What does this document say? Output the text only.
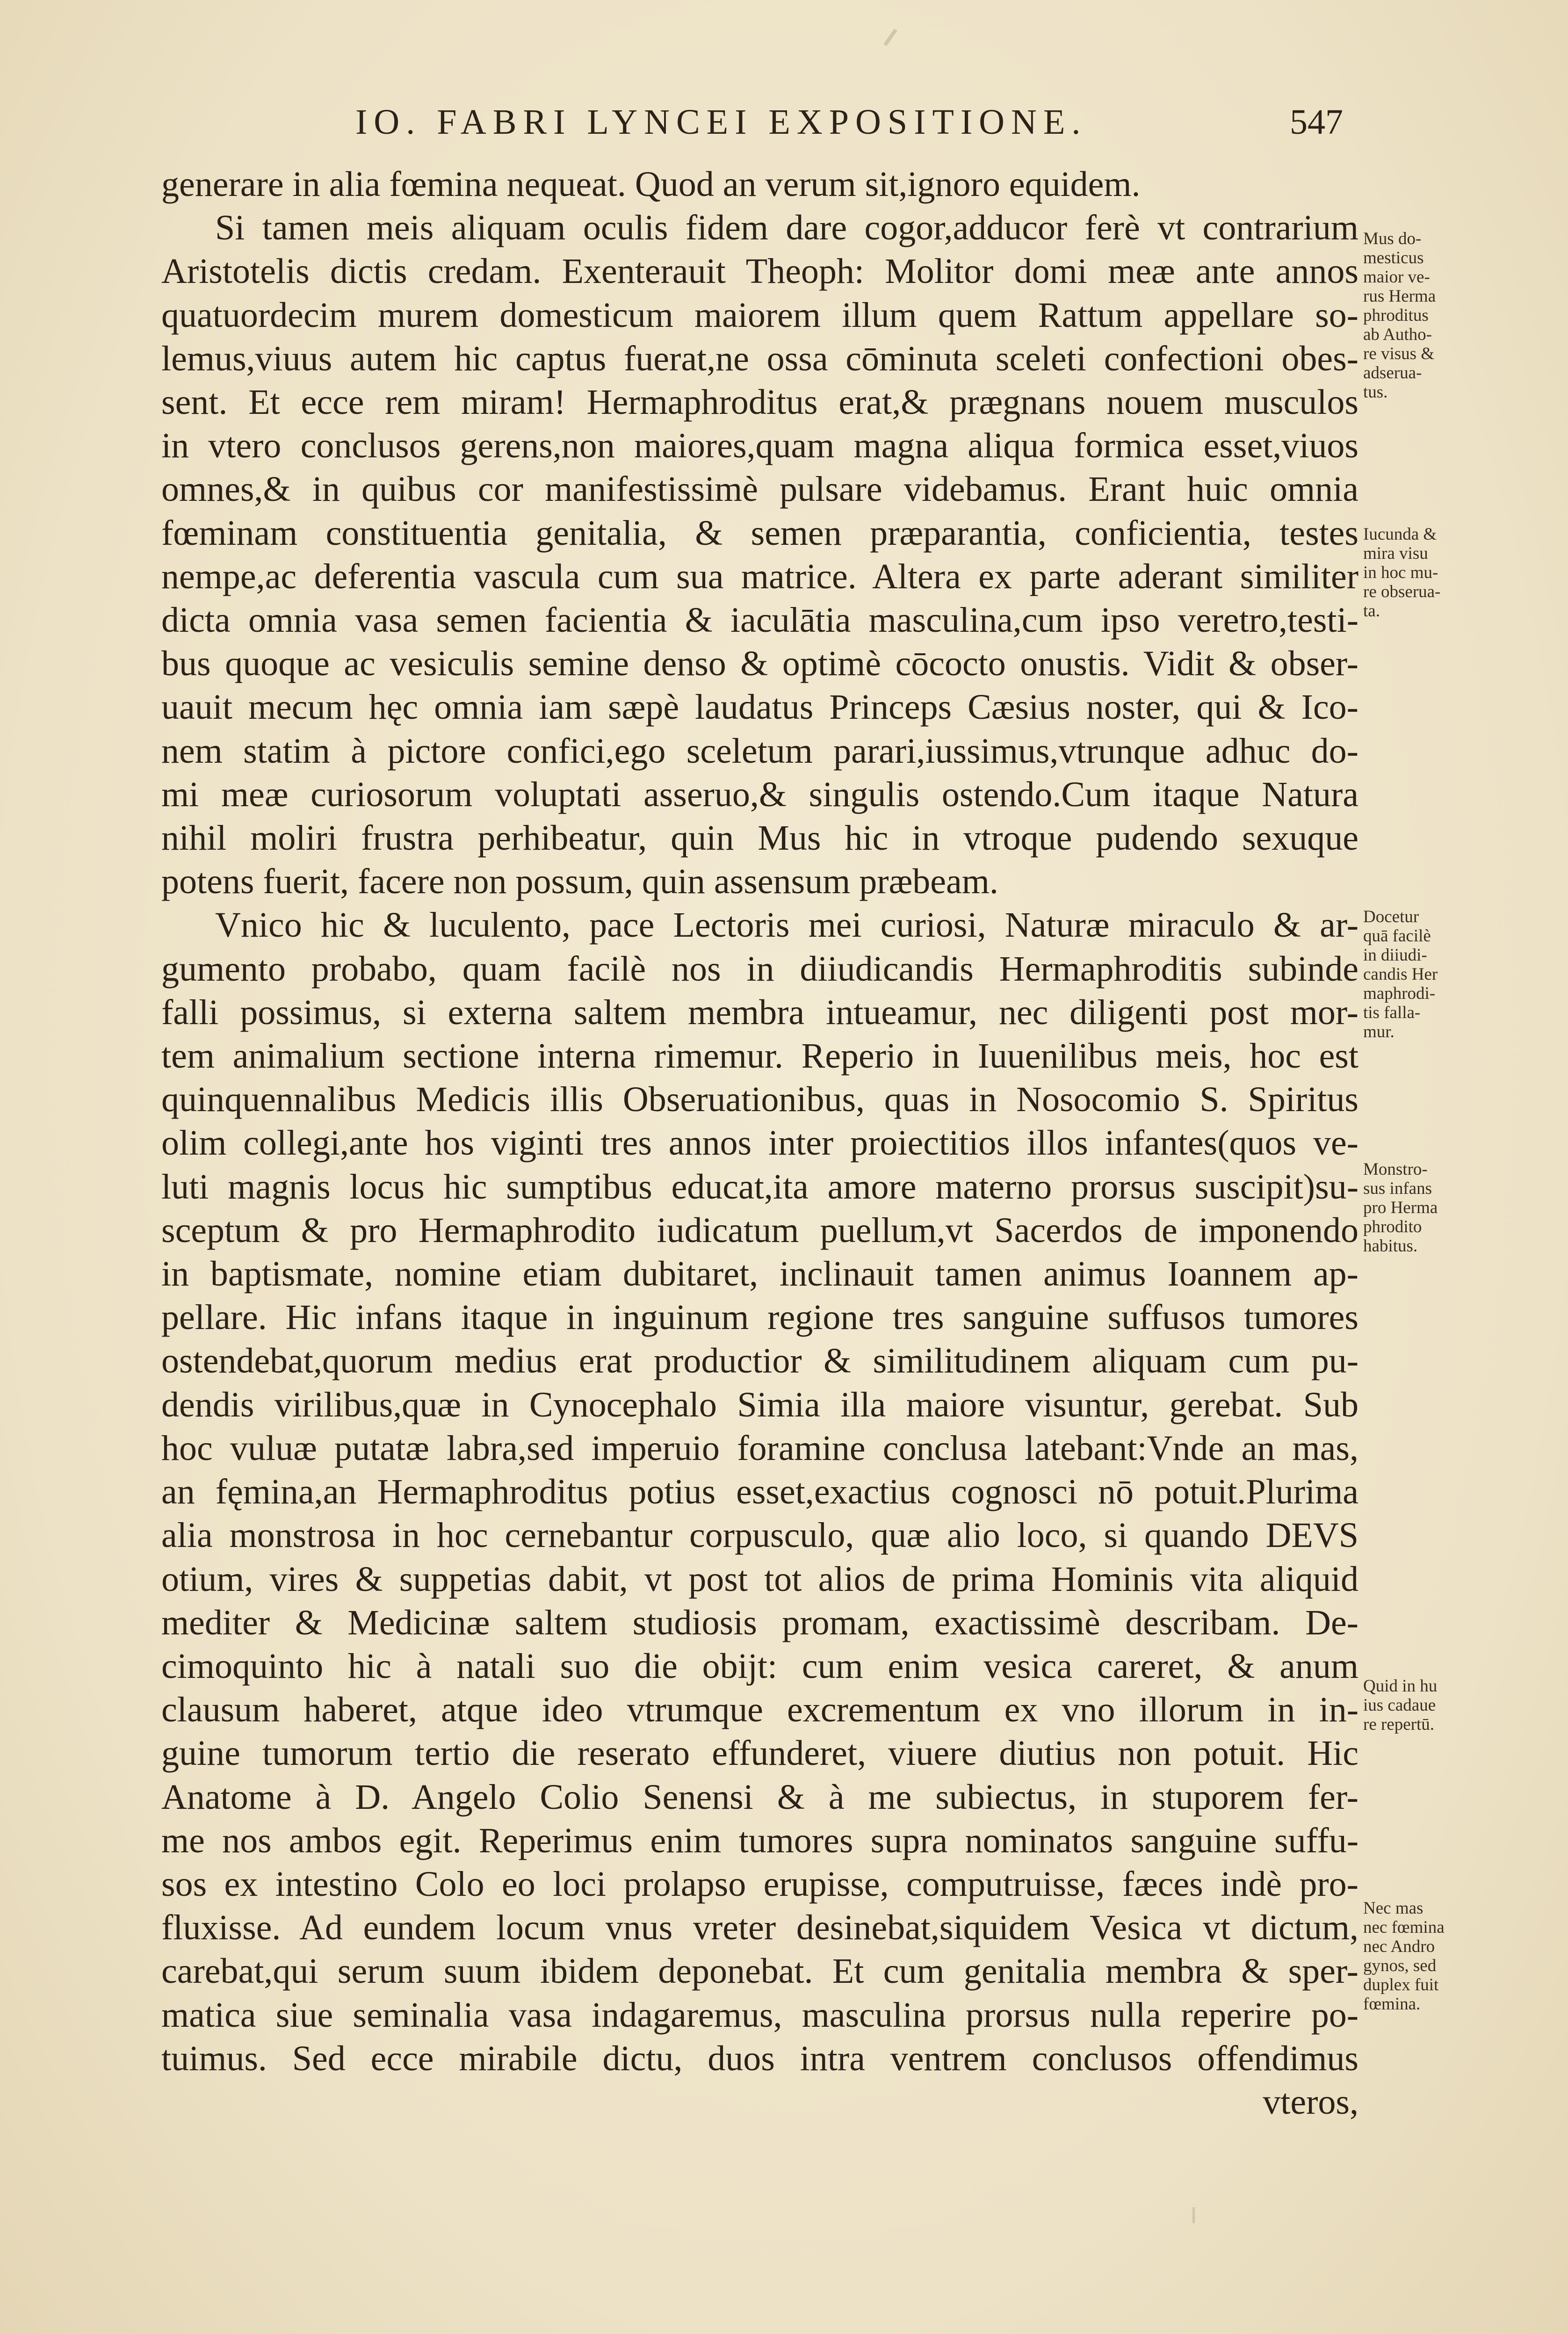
IO. FABRI LYNCEI EXPOSITIONE.	547

generare in alia fœmina nequeat. Quod an verum sit,ignoro equidem.

Si tamen meis aliquam oculis fidem dare cogor,adducor ferè vt contrarium

Aristotelis dictis credam. Exenterauit Theoph: Molitor domi meæ ante annos

quatuordecim murem domesticum maiorem illum quem Rattum appellare so-

lemus,viuus autem hic captus fuerat,ne ossa cōminuta sceleti confectioni obes-

sent. Et ecce rem miram! Hermaphroditus erat,& prægnans nouem musculos

in vtero conclusos gerens,non maiores,quam magna aliqua formica esset,viuos

omnes,& in quibus cor manifestissimè pulsare videbamus. Erant huic omnia

fœminam constituentia genitalia, & semen præparantia, conficientia, testes

nempe,ac deferentia vascula cum sua matrice. Altera ex parte aderant similiter

dicta omnia vasa semen facientia & iaculātia masculina,cum ipso veretro,testi-

bus quoque ac vesiculis semine denso & optimè cōcocto onustis. Vidit & obser-

uauit mecum hęc omnia iam sæpè laudatus Princeps Cæsius noster, qui & Ico-

nem statim à pictore confici,ego sceletum parari,iussimus,vtrunque adhuc do-

mi meæ curiosorum voluptati asseruo,& singulis ostendo.Cum itaque Natura

nihil moliri frustra perhibeatur, quin Mus hic in vtroque pudendo sexuque

potens fuerit, facere non possum, quin assensum præbeam.

Vnico hic & luculento, pace Lectoris mei curiosi, Naturæ miraculo & ar-

gumento probabo, quam facilè nos in diiudicandis Hermaphroditis subinde

falli possimus, si externa saltem membra intueamur, nec diligenti post mor-

tem animalium sectione interna rimemur. Reperio in Iuuenilibus meis, hoc est

quinquennalibus Medicis illis Obseruationibus, quas in Nosocomio S. Spiritus

olim collegi,ante hos viginti tres annos inter proiectitios illos infantes(quos ve-

luti magnis locus hic sumptibus educat,ita amore materno prorsus suscipit)su-

sceptum & pro Hermaphrodito iudicatum puellum,vt Sacerdos de imponendo

in baptismate, nomine etiam dubitaret, inclinauit tamen animus Ioannem ap-

pellare. Hic infans itaque in inguinum regione tres sanguine suffusos tumores

ostendebat,quorum medius erat productior & similitudinem aliquam cum pu-

dendis virilibus,quæ in Cynocephalo Simia illa maiore visuntur, gerebat. Sub

hoc vuluæ putatæ labra,sed imperuio foramine conclusa latebant:Vnde an mas,

an fęmina,an Hermaphroditus potius esset,exactius cognosci nō potuit.Plurima

alia monstrosa in hoc cernebantur corpusculo, quæ alio loco, si quando DEVS

otium, vires & suppetias dabit, vt post tot alios de prima Hominis vita aliquid

mediter & Medicinæ saltem studiosis promam, exactissimè describam. De-

cimoquinto hic à natali suo die obijt: cum enim vesica careret, & anum

clausum haberet, atque ideo vtrumque excrementum ex vno illorum in in-

guine tumorum tertio die reserato effunderet, viuere diutius non potuit. Hic

Anatome à D. Angelo Colio Senensi & à me subiectus, in stuporem fer-

me nos ambos egit. Reperimus enim tumores supra nominatos sanguine suffu-

sos ex intestino Colo eo loci prolapso erupisse, computruisse, fæces indè pro-

fluxisse. Ad eundem locum vnus vreter desinebat,siquidem Vesica vt dictum,

carebat,qui serum suum ibidem deponebat. Et cum genitalia membra & sper-

matica siue seminalia vasa indagaremus, masculina prorsus nulla reperire po-

tuimus. Sed ecce mirabile dictu, duos intra ventrem conclusos offendimus

vteros,

Mus do-
mesticus
maior ve-
rus Herma
phroditus
ab Autho-
re visus &
adserua-
tus.
Iucunda &
mira visu
in hoc mu-
re obserua-
ta.
Docetur
quā facilè
in diiudi-
candis Her
maphrodi-
tis falla-
mur.
Monstro-
sus infans
pro Herma
phrodito
habitus.
Quid in hu
ius cadaue
re repertū.
Nec mas
nec fœmina
nec Andro
gynos, sed
duplex fuit
fœmina.
